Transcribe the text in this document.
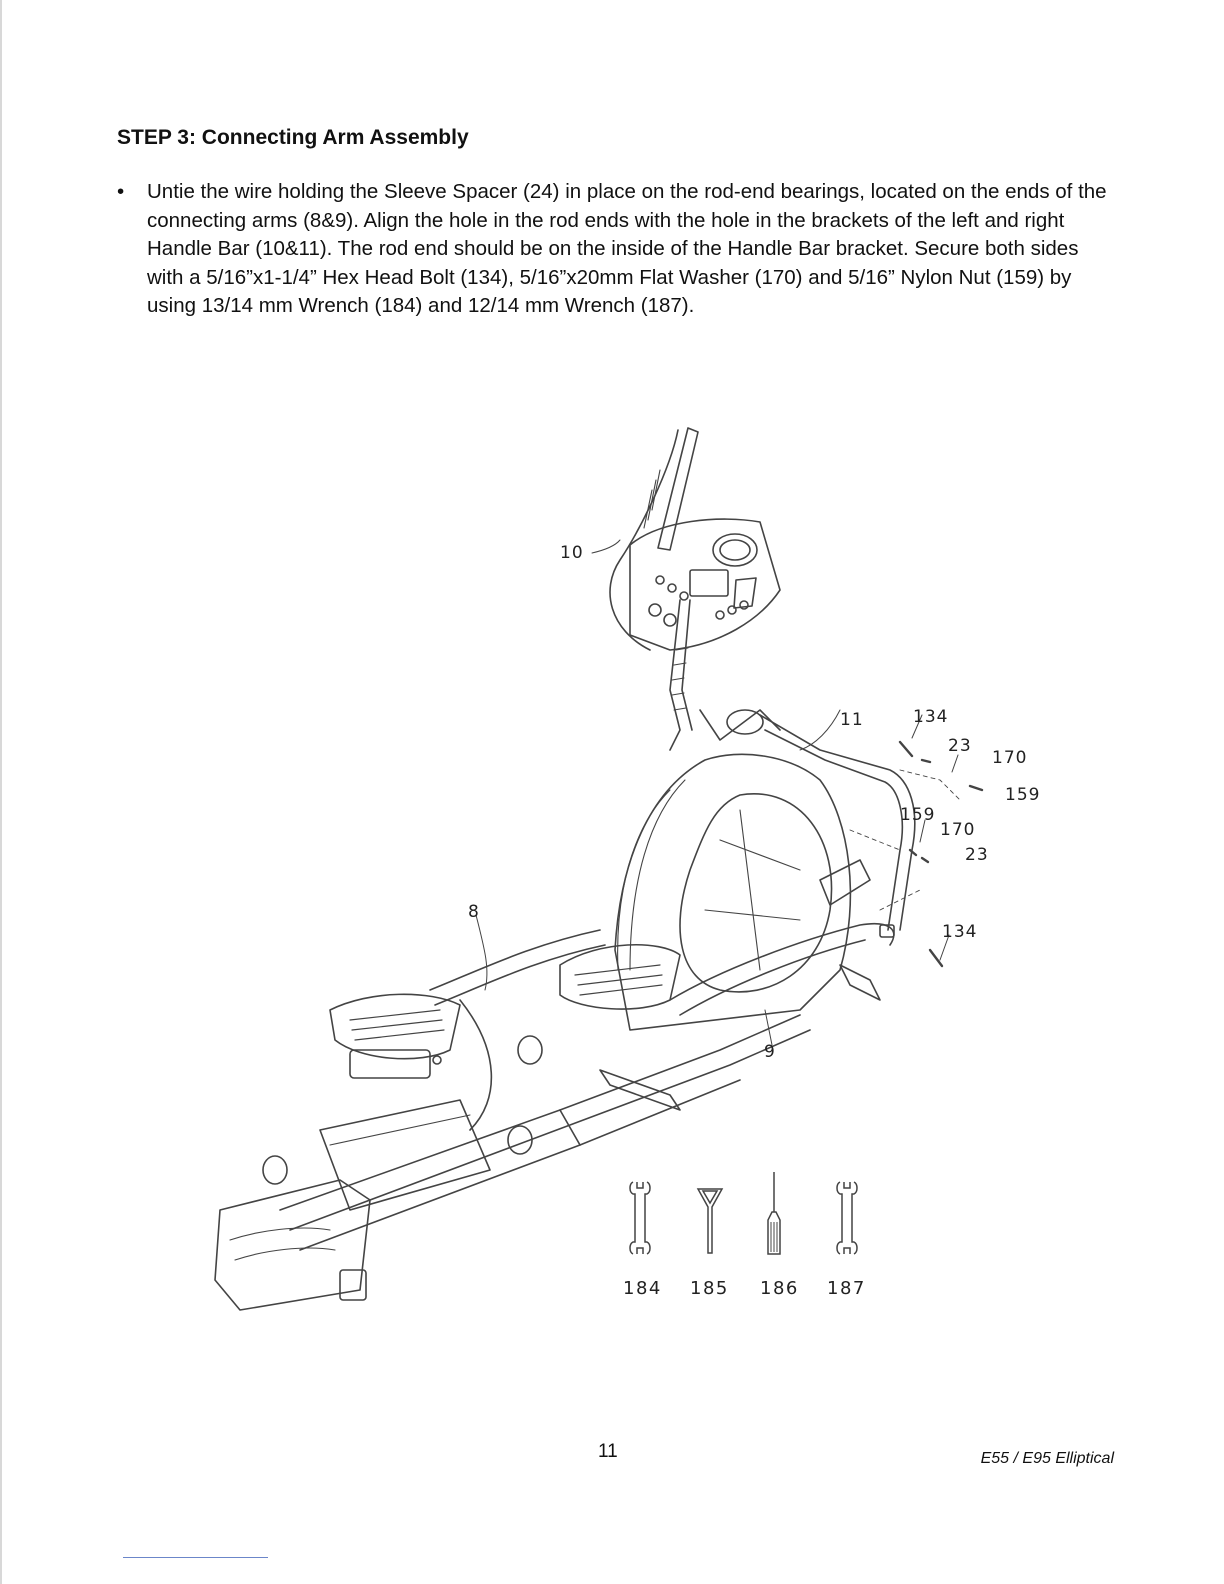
STEP 3: Connecting Arm Assembly
• Untie the wire holding the Sleeve Spacer (24) in place on the rod-end bearings, located on the ends of the connecting arms (8&9). Align the hole in the rod ends with the hole in the brackets of the left and right Handle Bar (10&11). The rod end should be on the inside of the Handle Bar bracket. Secure both sides with a 5/16”x1-1/4” Hex Head Bolt (134), 5/16”x20mm Flat Washer (170) and 5/16” Nylon Nut (159) by using 13/14 mm Wrench (184) and 12/14 mm Wrench (187).
10
11	134
23
170
159
159
170
23
8
134
9
184 185 186 187
11	E55 / E95 Elliptical
